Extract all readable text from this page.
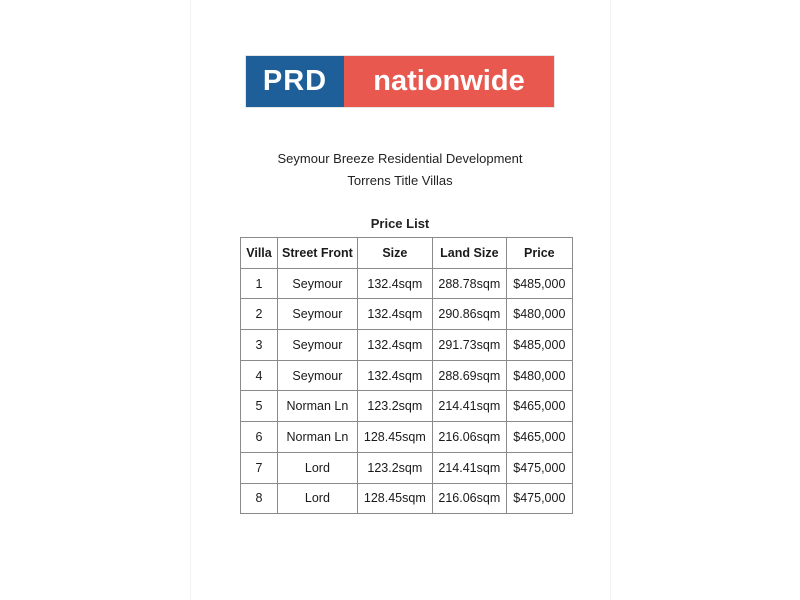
PRD	nationwide
Seymour Breeze Residential Development
Torrens Title Villas
Price List
Villa	Street Front	Size	Land Size	Price
1	Seymour	132.4sqm	288.78sqm	$485,000
2	Seymour	132.4sqm	290.86sqm	$480,000
3	Seymour	132.4sqm	291.73sqm	$485,000
4	Seymour	132.4sqm	288.69sqm	$480,000
5	Norman Ln	123.2sqm	214.41sqm	$465,000
6	Norman Ln	128.45sqm	216.06sqm	$465,000
7	Lord	123.2sqm	214.41sqm	$475,000
8	Lord	128.45sqm	216.06sqm	$475,000
